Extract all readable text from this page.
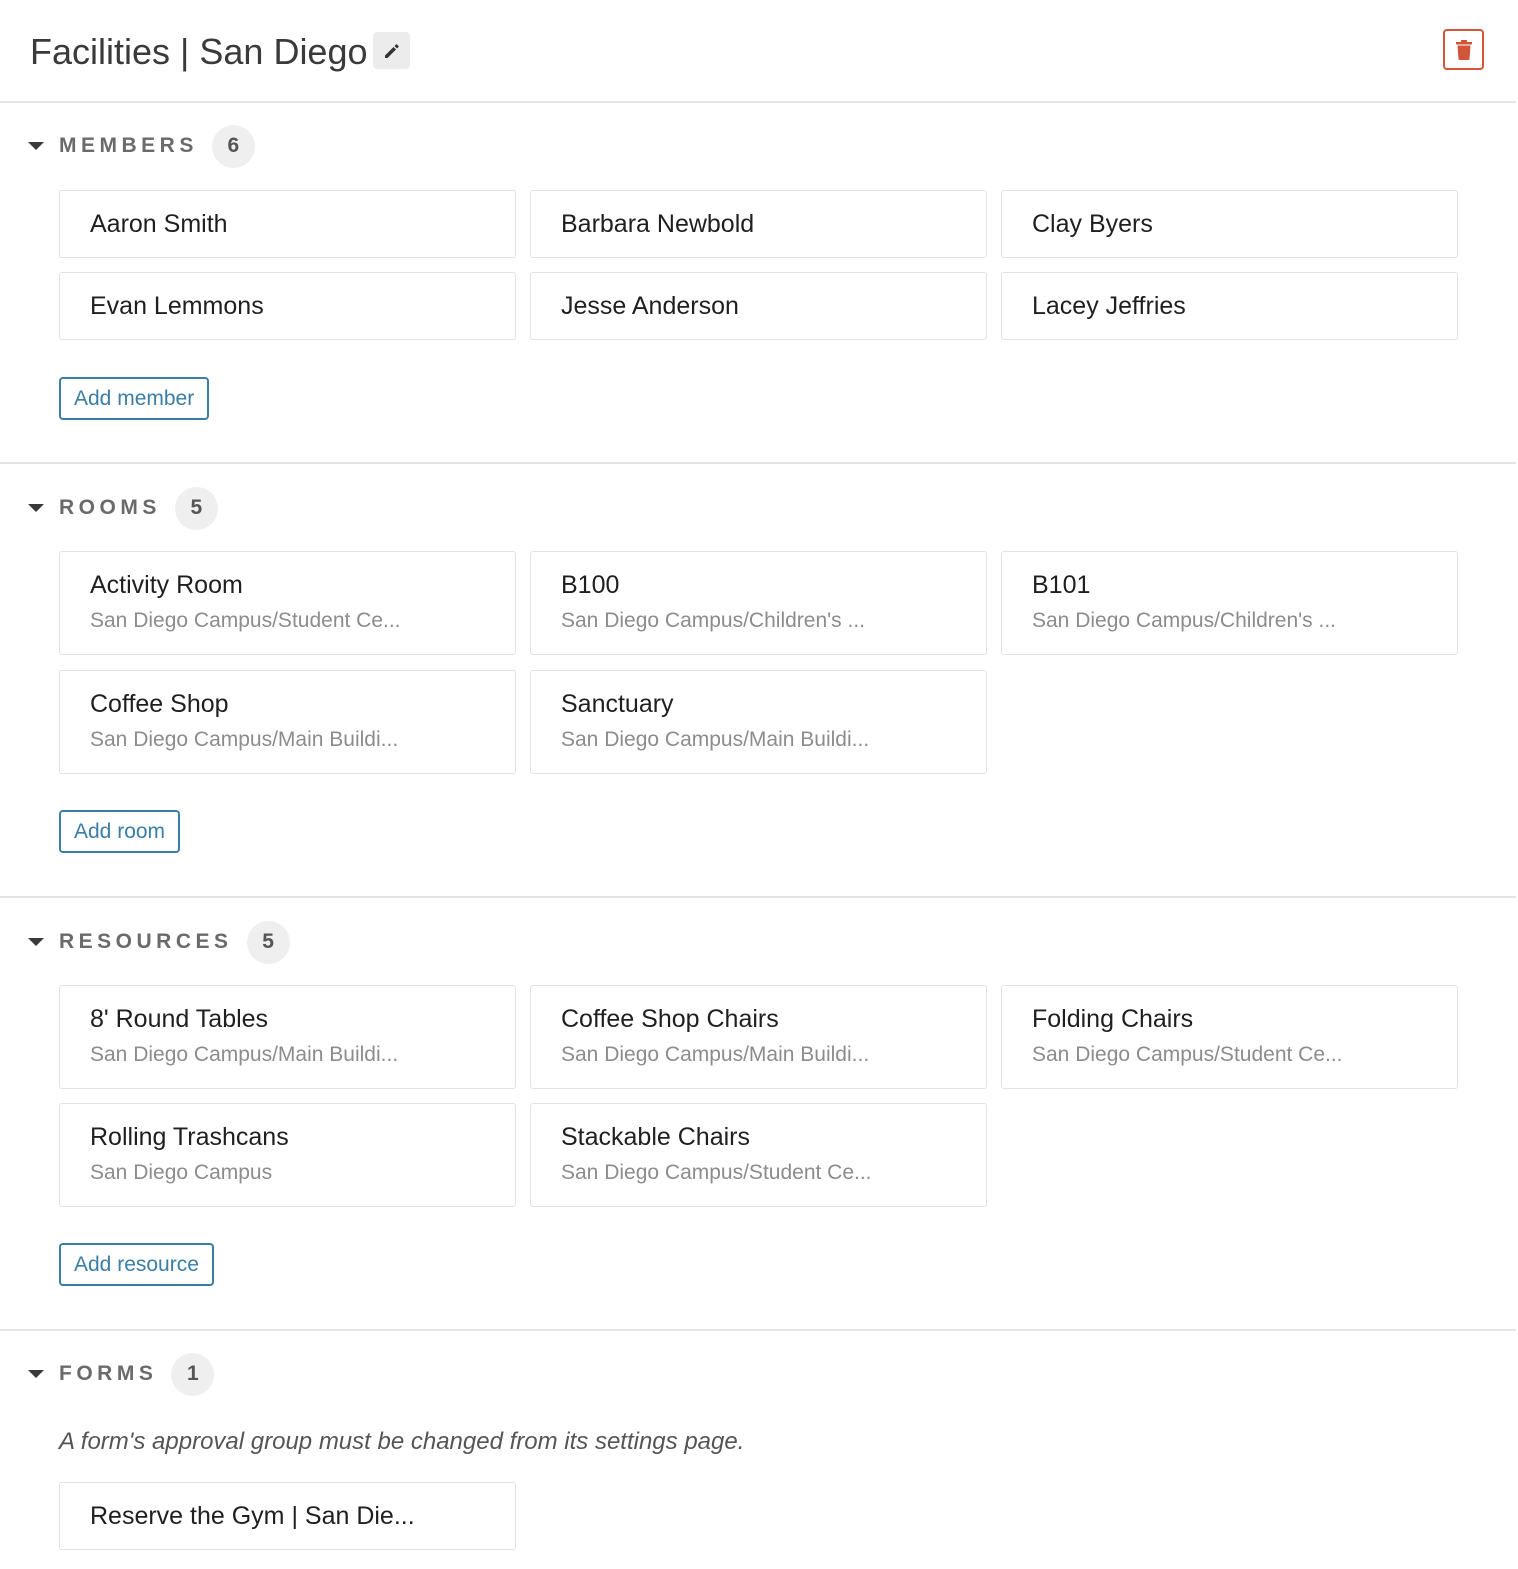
Facilities | San Diego
MEMBERS	6
Aaron Smith	Barbara Newbold	Clay Byers
Evan Lemmons	Jesse Anderson	Lacey Jeffries
Add member
ROOMS	5
Activity Room
San Diego Campus/Student Ce...
B100
San Diego Campus/Children's ...
B101
San Diego Campus/Children's ...
Coffee Shop
San Diego Campus/Main Buildi...
Sanctuary
San Diego Campus/Main Buildi...
Add room
RESOURCES	5
8' Round Tables
San Diego Campus/Main Buildi...
Coffee Shop Chairs
San Diego Campus/Main Buildi...
Folding Chairs
San Diego Campus/Student Ce...
Rolling Trashcans
San Diego Campus
Stackable Chairs
San Diego Campus/Student Ce...
Add resource
FORMS	1
A form's approval group must be changed from its settings page.
Reserve the Gym | San Die...
